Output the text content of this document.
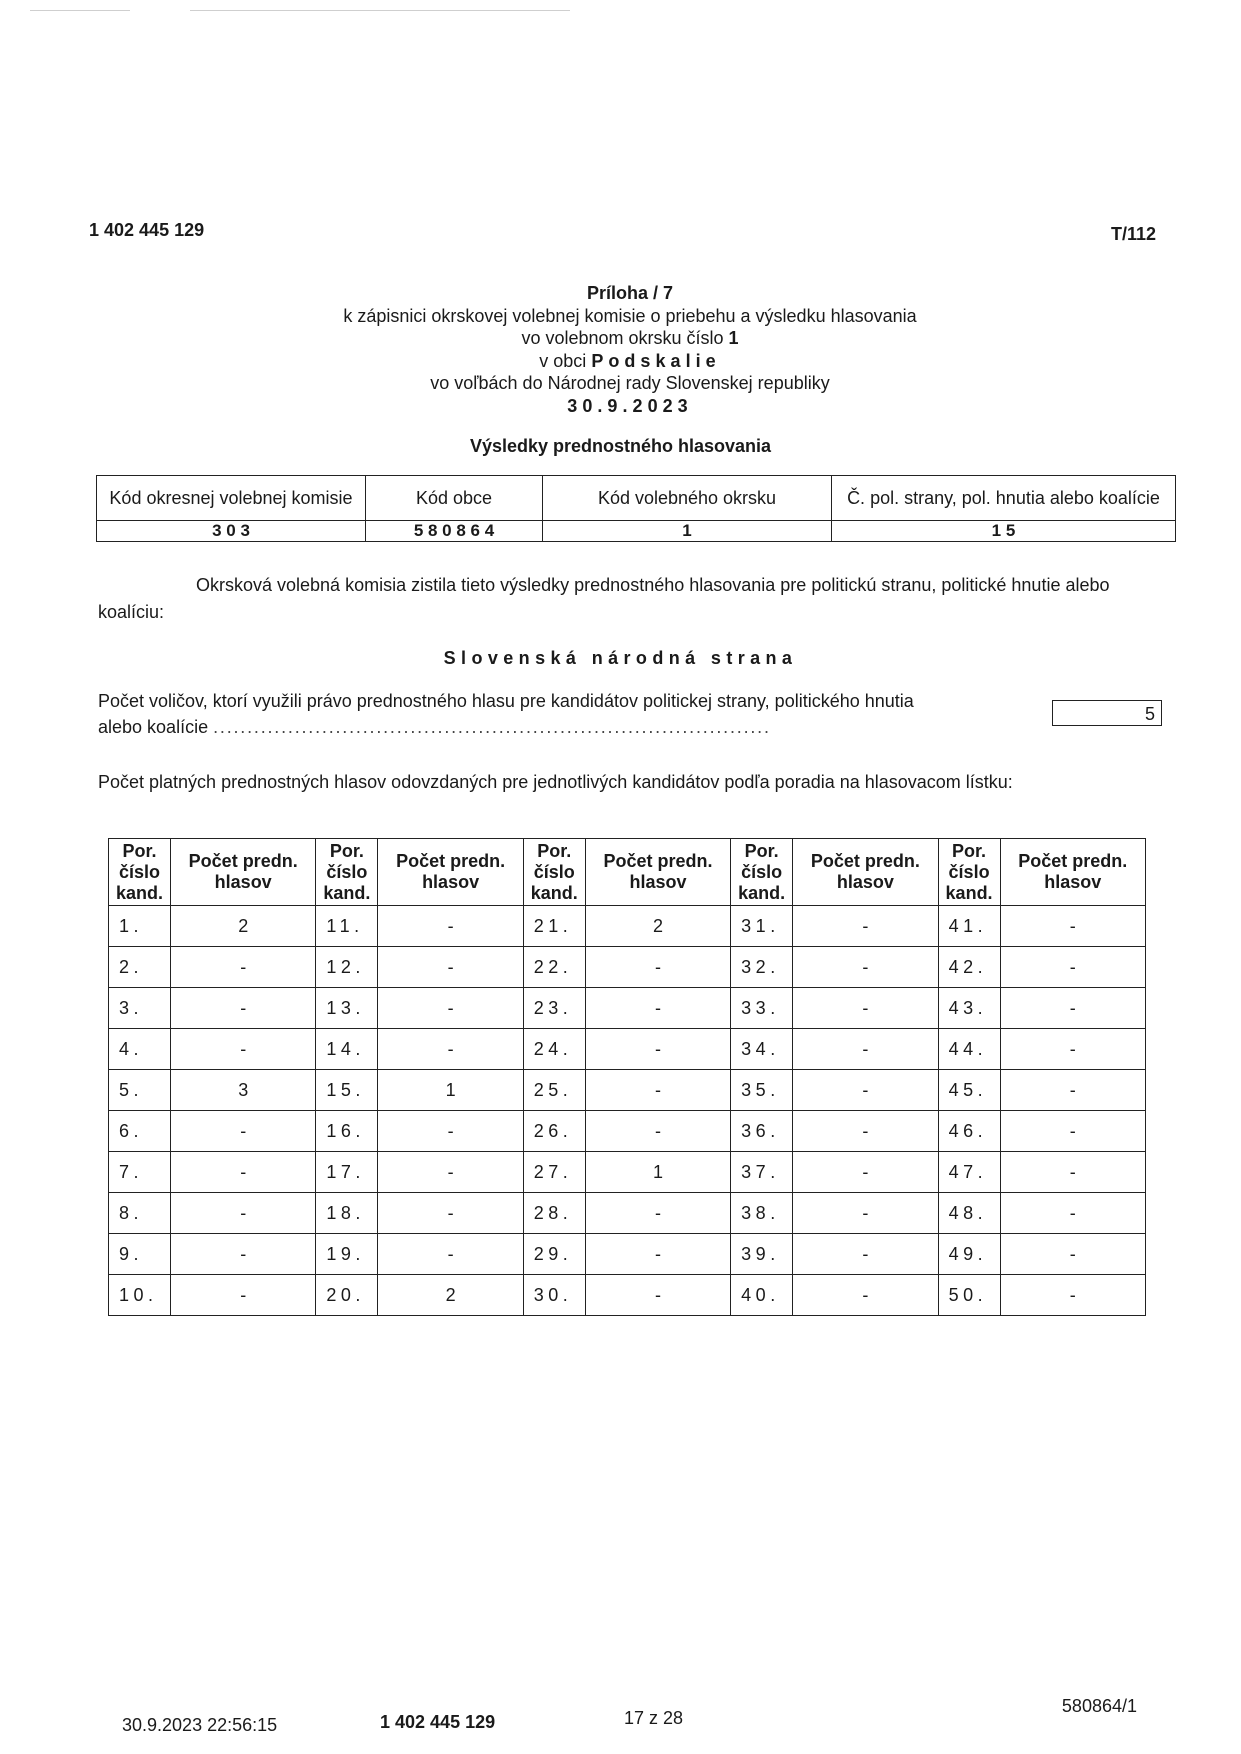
1 402 445 129	T/112
Príloha / 7
k zápisnici okrskovej volebnej komisie o priebehu a výsledku hlasovania
vo volebnom okrsku číslo 1
v obci Podskalie
vo voľbách do Národnej rady Slovenskej republiky
30.9.2023
Výsledky prednostného hlasovania
Kód okresnej volebnej komisie	Kód obce	Kód volebného okrsku	Č. pol. strany, pol. hnutia alebo koalície
3 0 3	5 8 0 8 6 4	1	1 5
Okrsková volebná komisia zistila tieto výsledky prednostného hlasovania pre politickú stranu, politické hnutie alebo koalíciu:
Slovenská národná strana
Počet voličov, ktorí využili právo prednostného hlasu pre kandidátov politickej strany, politického hnutia
alebo koalície ..................................................................................
5
Počet platných prednostných hlasov odovzdaných pre jednotlivých kandidátov podľa poradia na hlasovacom lístku:
Por. číslo kand.	Počet predn. hlasov	Por. číslo kand.	Počet predn. hlasov	Por. číslo kand.	Počet predn. hlasov	Por. číslo kand.	Počet predn. hlasov	Por. číslo kand.	Počet predn. hlasov
1.	2	11.	-	21.	2	31.	-	41.	-
2.	-	12.	-	22.	-	32.	-	42.	-
3.	-	13.	-	23.	-	33.	-	43.	-
4.	-	14.	-	24.	-	34.	-	44.	-
5.	3	15.	1	25.	-	35.	-	45.	-
6.	-	16.	-	26.	-	36.	-	46.	-
7.	-	17.	-	27.	1	37.	-	47.	-
8.	-	18.	-	28.	-	38.	-	48.	-
9.	-	19.	-	29.	-	39.	-	49.	-
10.	-	20.	2	30.	-	40.	-	50.	-
30.9.2023 22:56:15	1 402 445 129	17 z 28
580864/1
